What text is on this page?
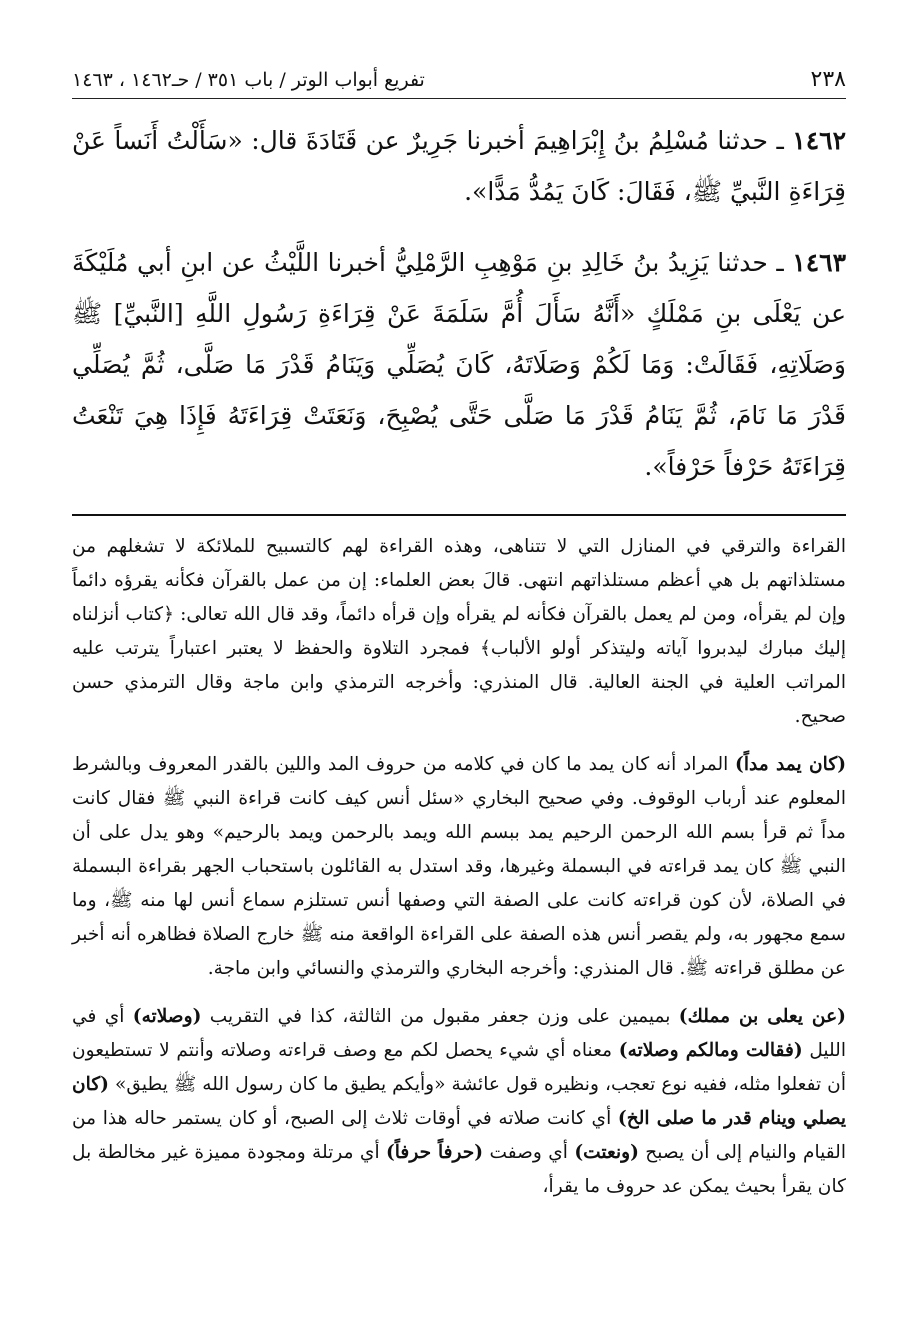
٢٣٨
تفريع أبواب الوتر / باب ٣٥١ / حـ١٤٦٢ ، ١٤٦٣

١٤٦٢ ـ حدثنا مُسْلِمُ بنُ إِبْرَاهِيمَ أخبرنا جَرِيرٌ عن قَتَادَةَ قال: «سَأَلْتُ أَنَساً عَنْ قِرَاءَةِ النَّبيِّ ﷺ، فَقَالَ: كَانَ يَمُدُّ مَدًّا».

١٤٦٣ ـ حدثنا يَزِيدُ بنُ خَالِدِ بنِ مَوْهِبِ الرَّمْلِيُّ أخبرنا اللَّيْثُ عن ابنِ أبي مُلَيْكَةَ عن يَعْلَى بنِ مَمْلَكٍ «أَنَّهُ سَأَلَ أُمَّ سَلَمَةَ عَنْ قِرَاءَةِ رَسُولِ اللَّهِ [النَّبيِّ] ﷺ وَصَلَاتِهِ، فَقَالَتْ: وَمَا لَكُمْ وَصَلَاتَهُ، كَانَ يُصَلِّي وَيَنَامُ قَدْرَ مَا صَلَّى، ثُمَّ يُصَلِّي قَدْرَ مَا نَامَ، ثُمَّ يَنَامُ قَدْرَ مَا صَلَّى حَتَّى يُصْبِحَ، وَنَعَتَتْ قِرَاءَتَهُ فَإِذَا هِيَ تَنْعَتُ قِرَاءَتَهُ حَرْفاً حَرْفاً».

القراءة والترقي في المنازل التي لا تتناهى، وهذه القراءة لهم كالتسبيح للملائكة لا تشغلهم من مستلذاتهم بل هي أعظم مستلذاتهم انتهى. قالَ بعض العلماء: إن من عمل بالقرآن فكأنه يقرؤه دائماً وإن لم يقرأه، ومن لم يعمل بالقرآن فكأنه لم يقرأه وإن قرأه دائماً، وقد قال الله تعالى: ﴿كتاب أنزلناه إليك مبارك ليدبروا آياته وليتذكر أولو الألباب﴾ فمجرد التلاوة والحفظ لا يعتبر اعتباراً يترتب عليه المراتب العلية في الجنة العالية. قال المنذري: وأخرجه الترمذي وابن ماجة وقال الترمذي حسن صحيح.

(كان يمد مداً) المراد أنه كان يمد ما كان في كلامه من حروف المد واللين بالقدر المعروف وبالشرط المعلوم عند أرباب الوقوف. وفي صحيح البخاري «سئل أنس كيف كانت قراءة النبي ﷺ فقال كانت مداً ثم قرأ بسم الله الرحمن الرحيم يمد ببسم الله ويمد بالرحمن ويمد بالرحيم» وهو يدل على أن النبي ﷺ كان يمد قراءته في البسملة وغيرها، وقد استدل به القائلون باستحباب الجهر بقراءة البسملة في الصلاة، لأن كون قراءته كانت على الصفة التي وصفها أنس تستلزم سماع أنس لها منه ﷺ، وما سمع مجهور به، ولم يقصر أنس هذه الصفة على القراءة الواقعة منه ﷺ خارج الصلاة فظاهره أنه أخبر عن مطلق قراءته ﷺ. قال المنذري: وأخرجه البخاري والترمذي والنسائي وابن ماجة.

(عن يعلى بن مملك) بميمين على وزن جعفر مقبول من الثالثة، كذا في التقريب (وصلاته) أي في الليل (فقالت ومالكم وصلاته) معناه أي شيء يحصل لكم مع وصف قراءته وصلاته وأنتم لا تستطيعون أن تفعلوا مثله، ففيه نوع تعجب، ونظيره قول عائشة «وأيكم يطيق ما كان رسول الله ﷺ يطيق» (كان يصلي وينام قدر ما صلى الخ) أي كانت صلاته في أوقات ثلاث إلى الصبح، أو كان يستمر حاله هذا من القيام والنيام إلى أن يصبح (ونعتت) أي وصفت (حرفاً حرفاً) أي مرتلة ومجودة مميزة غير مخالطة بل كان يقرأ بحيث يمكن عد حروف ما يقرأ،
